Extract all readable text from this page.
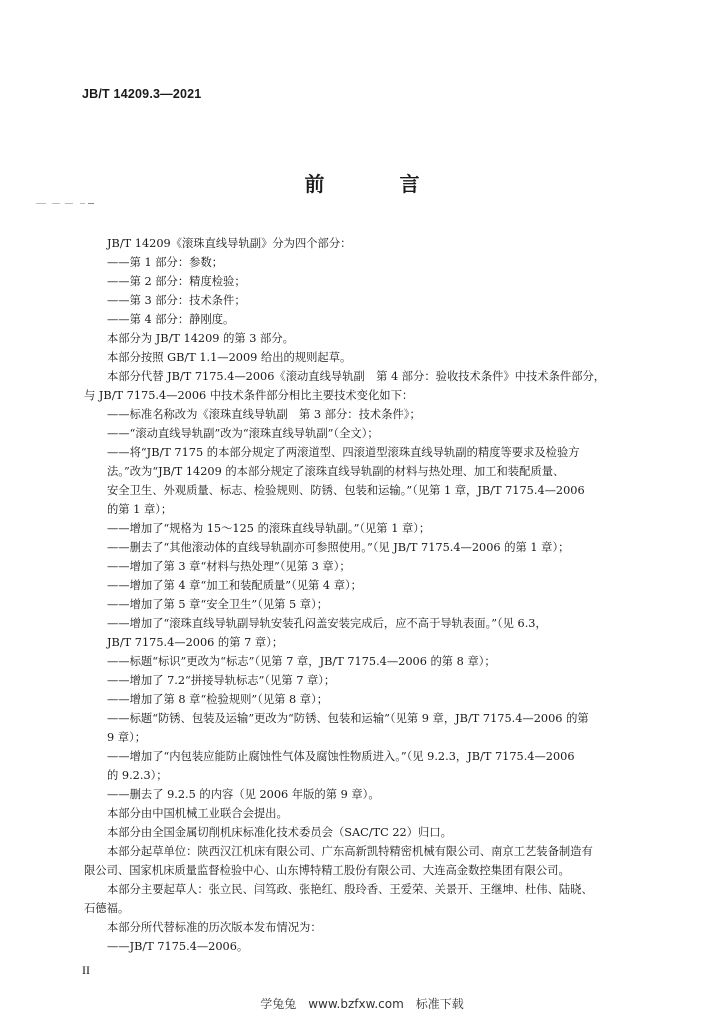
JB/T 14209.3—2021
前 言

JB/T 14209《滚珠直线导轨副》分为四个部分：

——第 1 部分：参数；

——第 2 部分：精度检验；

——第 3 部分：技术条件；

——第 4 部分：静刚度。

本部分为 JB/T 14209 的第 3 部分。

本部分按照 GB/T 1.1—2009 给出的规则起草。

本部分代替 JB/T 7175.4—2006《滚动直线导轨副　第 4 部分：验收技术条件》中技术条件部分，

与 JB/T 7175.4—2006 中技术条件部分相比主要技术变化如下：

——标准名称改为《滚珠直线导轨副　第 3 部分：技术条件》；

——“滚动直线导轨副”改为“滚珠直线导轨副”（全文）；

——将“JB/T 7175 的本部分规定了两滚道型、四滚道型滚珠直线导轨副的精度等要求及检验方
法。”改为“JB/T 14209 的本部分规定了滚珠直线导轨副的材料与热处理、加工和装配质量、
安全卫生、外观质量、标志、检验规则、防锈、包装和运输。”（见第 1 章，JB/T 7175.4—2006
的第 1 章）；

——增加了“规格为 15～125 的滚珠直线导轨副。”（见第 1 章）；

——删去了“其他滚动体的直线导轨副亦可参照使用。”（见 JB/T 7175.4—2006 的第 1 章）；

——增加了第 3 章“材料与热处理”（见第 3 章）；

——增加了第 4 章“加工和装配质量”（见第 4 章）；

——增加了第 5 章“安全卫生”（见第 5 章）；

——增加了“滚珠直线导轨副导轨安装孔闷盖安装完成后，应不高于导轨表面。”（见 6.3，
JB/T 7175.4—2006 的第 7 章）；

——标题“标识”更改为“标志”（见第 7 章，JB/T 7175.4—2006 的第 8 章）；

——增加了 7.2“拼接导轨标志”（见第 7 章）；

——增加了第 8 章“检验规则”（见第 8 章）；

——标题“防锈、包装及运输”更改为“防锈、包装和运输”（见第 9 章，JB/T 7175.4—2006 的第
9 章）；

——增加了“内包装应能防止腐蚀性气体及腐蚀性物质进入。”（见 9.2.3，JB/T 7175.4—2006
的 9.2.3）；

——删去了 9.2.5 的内容（见 2006 年版的第 9 章）。

本部分由中国机械工业联合会提出。

本部分由全国金属切削机床标准化技术委员会（SAC/TC 22）归口。

本部分起草单位：陕西汉江机床有限公司、广东高新凯特精密机械有限公司、南京工艺装备制造有

限公司、国家机床质量监督检验中心、山东博特精工股份有限公司、大连高金数控集团有限公司。

本部分主要起草人：张立民、闫笃政、张艳红、殷玲香、王爱荣、关景开、王继坤、杜伟、陆晓、

石德福。

本部分所代替标准的历次版本发布情况为：

——JB/T 7175.4—2006。

II
学兔兔　www.bzfxw.com　标准下载
